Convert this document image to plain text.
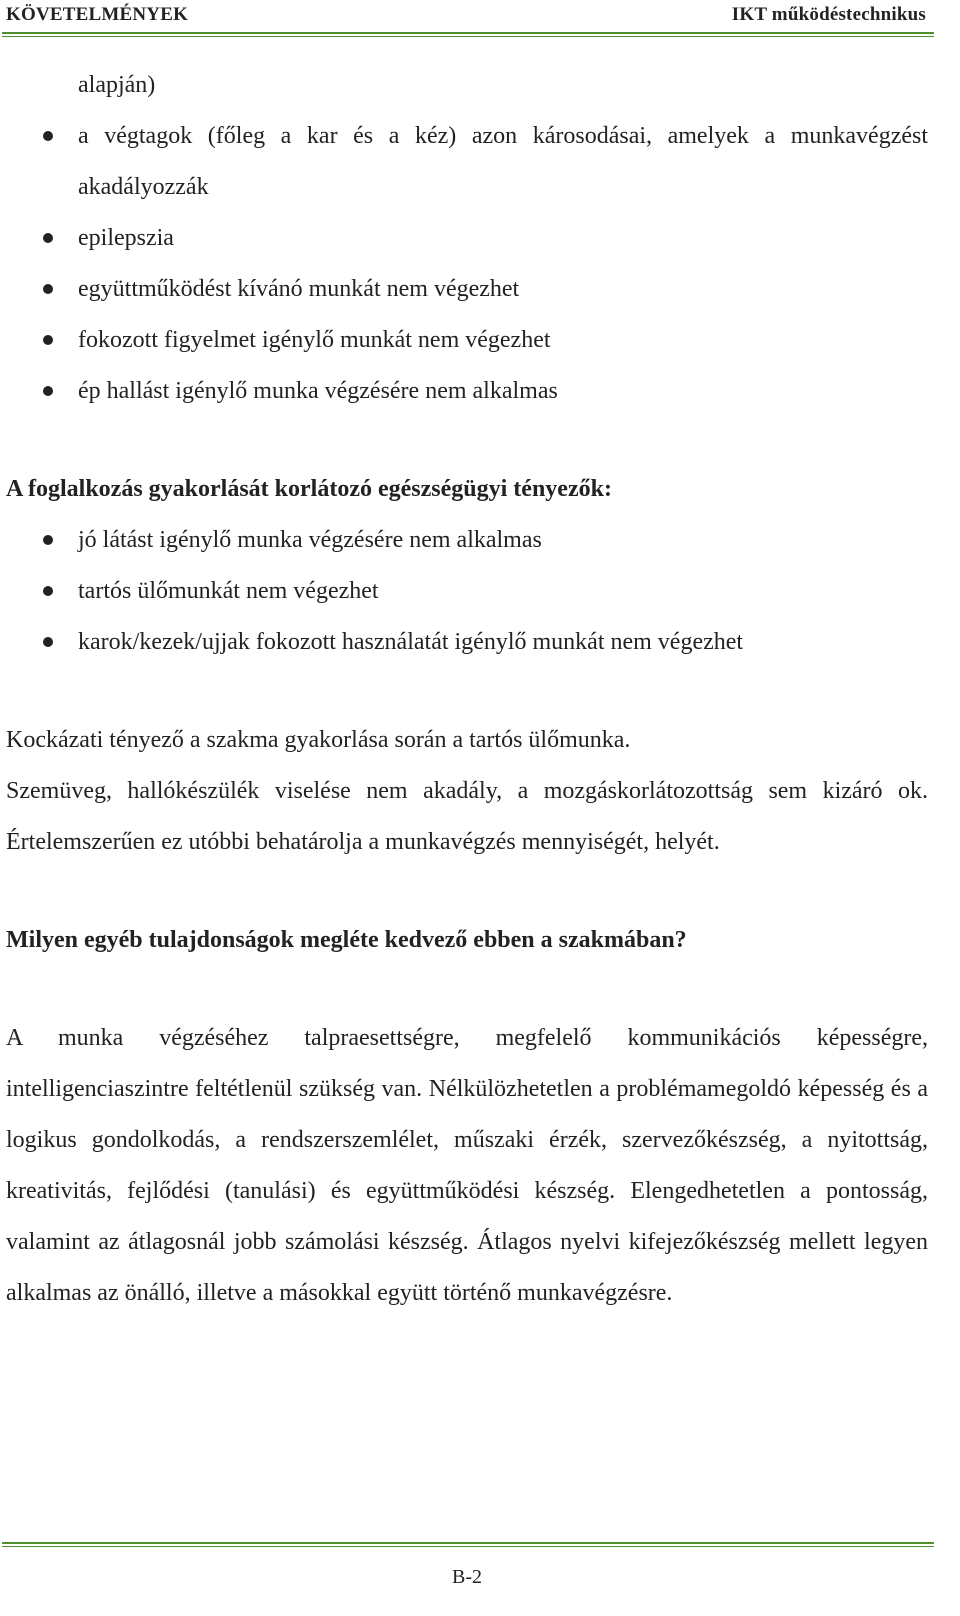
KÖVETELMÉNYEK	IKT működéstechnikus

alapján)

a végtagok (főleg a kar és a kéz) azon károsodásai, amelyek a munkavégzést akadályozzák
epilepszia
együttműködést kívánó munkát nem végezhet
fokozott figyelmet igénylő munkát nem végezhet
ép hallást igénylő munka végzésére nem alkalmas

A foglalkozás gyakorlását korlátozó egészségügyi tényezők:

jó látást igénylő munka végzésére nem alkalmas
tartós ülőmunkát nem végezhet
karok/kezek/ujjak fokozott használatát igénylő munkát nem végezhet

Kockázati tényező a szakma gyakorlása során a tartós ülőmunka.

Szemüveg, hallókészülék viselése nem akadály, a mozgáskorlátozottság sem kizáró ok. Értelemszerűen ez utóbbi behatárolja a munkavégzés mennyiségét, helyét.

Milyen egyéb tulajdonságok megléte kedvező ebben a szakmában?

A munka végzéséhez talpraesettségre, megfelelő kommunikációs képességre, intelligenciaszintre feltétlenül szükség van. Nélkülözhetetlen a problémamegoldó képesség és a logikus gondolkodás, a rendszerszemlélet, műszaki érzék, szervezőkészség, a nyitottság, kreativitás, fejlődési (tanulási) és együttműködési készség. Elengedhetetlen a pontosság, valamint az átlagosnál jobb számolási készség. Átlagos nyelvi kifejezőkészség mellett legyen alkalmas az önálló, illetve a másokkal együtt történő munkavégzésre.

B-2
